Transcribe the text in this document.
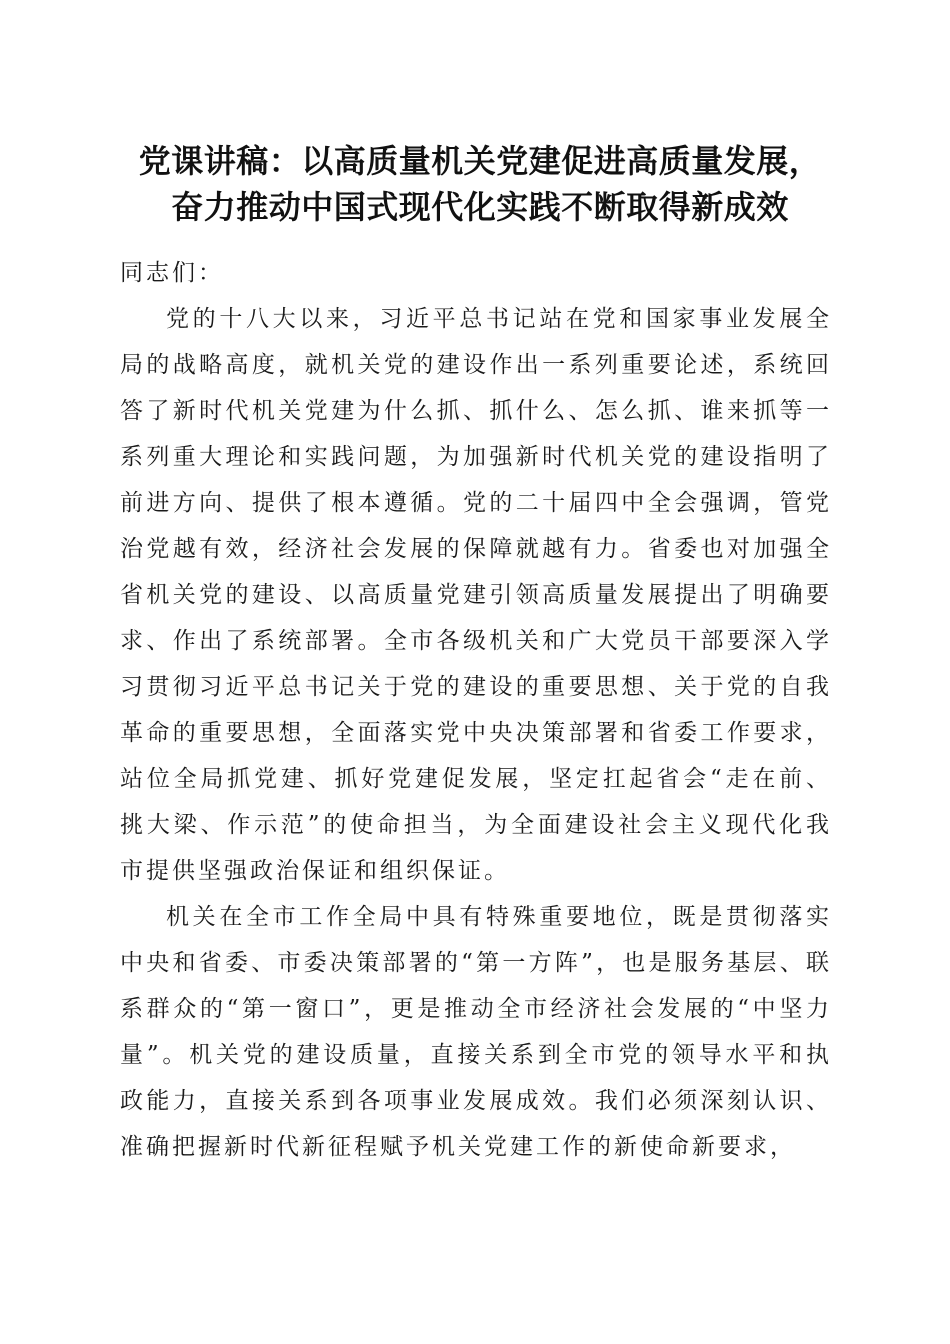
党课讲稿：以高质量机关党建促进高质量发展，
奋力推动中国式现代化实践不断取得新成效

同志们：

党的十八大以来，习近平总书记站在党和国家事业发展全局的战略高度，就机关党的建设作出一系列重要论述，系统回答了新时代机关党建为什么抓、抓什么、怎么抓、谁来抓等一系列重大理论和实践问题，为加强新时代机关党的建设指明了前进方向、提供了根本遵循。党的二十届四中全会强调，管党治党越有效，经济社会发展的保障就越有力。省委也对加强全省机关党的建设、以高质量党建引领高质量发展提出了明确要求、作出了系统部署。全市各级机关和广大党员干部要深入学习贯彻习近平总书记关于党的建设的重要思想、关于党的自我革命的重要思想，全面落实党中央决策部署和省委工作要求，站位全局抓党建、抓好党建促发展，坚定扛起省会“走在前、挑大梁、作示范”的使命担当，为全面建设社会主义现代化我市提供坚强政治保证和组织保证。

机关在全市工作全局中具有特殊重要地位，既是贯彻落实中央和省委、市委决策部署的“第一方阵”，也是服务基层、联系群众的“第一窗口”，更是推动全市经济社会发展的“中坚力量”。机关党的建设质量，直接关系到全市党的领导水平和执政能力，直接关系到各项事业发展成效。我们必须深刻认识、准确把握新时代新征程赋予机关党建工作的新使命新要求，
